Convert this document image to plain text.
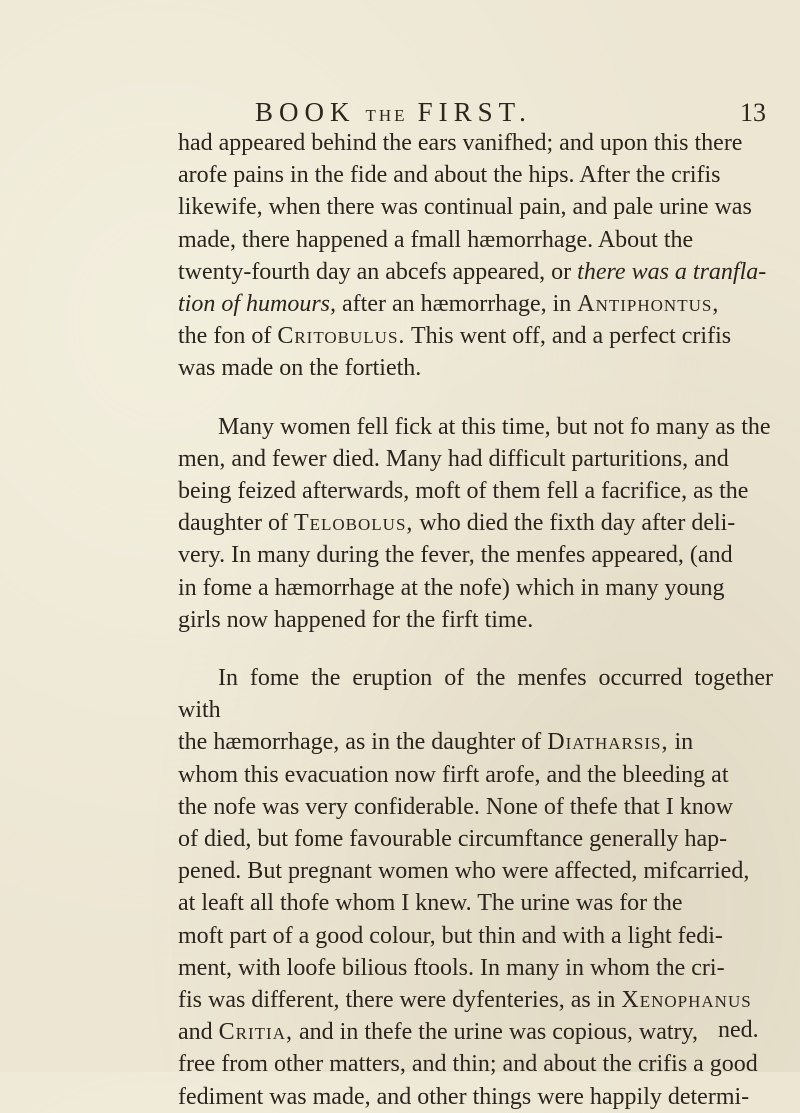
BOOK THE FIRST.	13
had appeared behind the ears vanifhed; and upon this there
arofe pains in the fide and about the hips. After the crifis
likewife, when there was continual pain, and pale urine was
made, there happened a fmall hæmorrhage. About the
twenty-fourth day an abcefs appeared, or there was a tranfla-
tion of humours, after an hæmorrhage, in Antiphontus,
the fon of Critobulus. This went off, and a perfect crifis
was made on the fortieth.
Many women fell fick at this time, but not fo many as the
men, and fewer died. Many had difficult parturitions, and
being feized afterwards, moft of them fell a facrifice, as the
daughter of Telobolus, who died the fixth day after deli-
very. In many during the fever, the menfes appeared, (and
in fome a hæmorrhage at the nofe) which in many young
girls now happened for the firft time.
In fome the eruption of the menfes occurred together with
the hæmorrhage, as in the daughter of Diatharsis, in
whom this evacuation now firft arofe, and the bleeding at
the nofe was very confiderable. None of thefe that I know
of died, but fome favourable circumftance generally hap-
pened. But pregnant women who were affected, mifcarried,
at leaft all thofe whom I knew. The urine was for the
moft part of a good colour, but thin and with a light fedi-
ment, with loofe bilious ftools. In many in whom the cri-
fis was different, there were dyfenteries, as in Xenophanus
and Critia, and in thefe the urine was copious, watry,
free from other matters, and thin; and about the crifis a good
fediment was made, and other things were happily determi-
ned.
